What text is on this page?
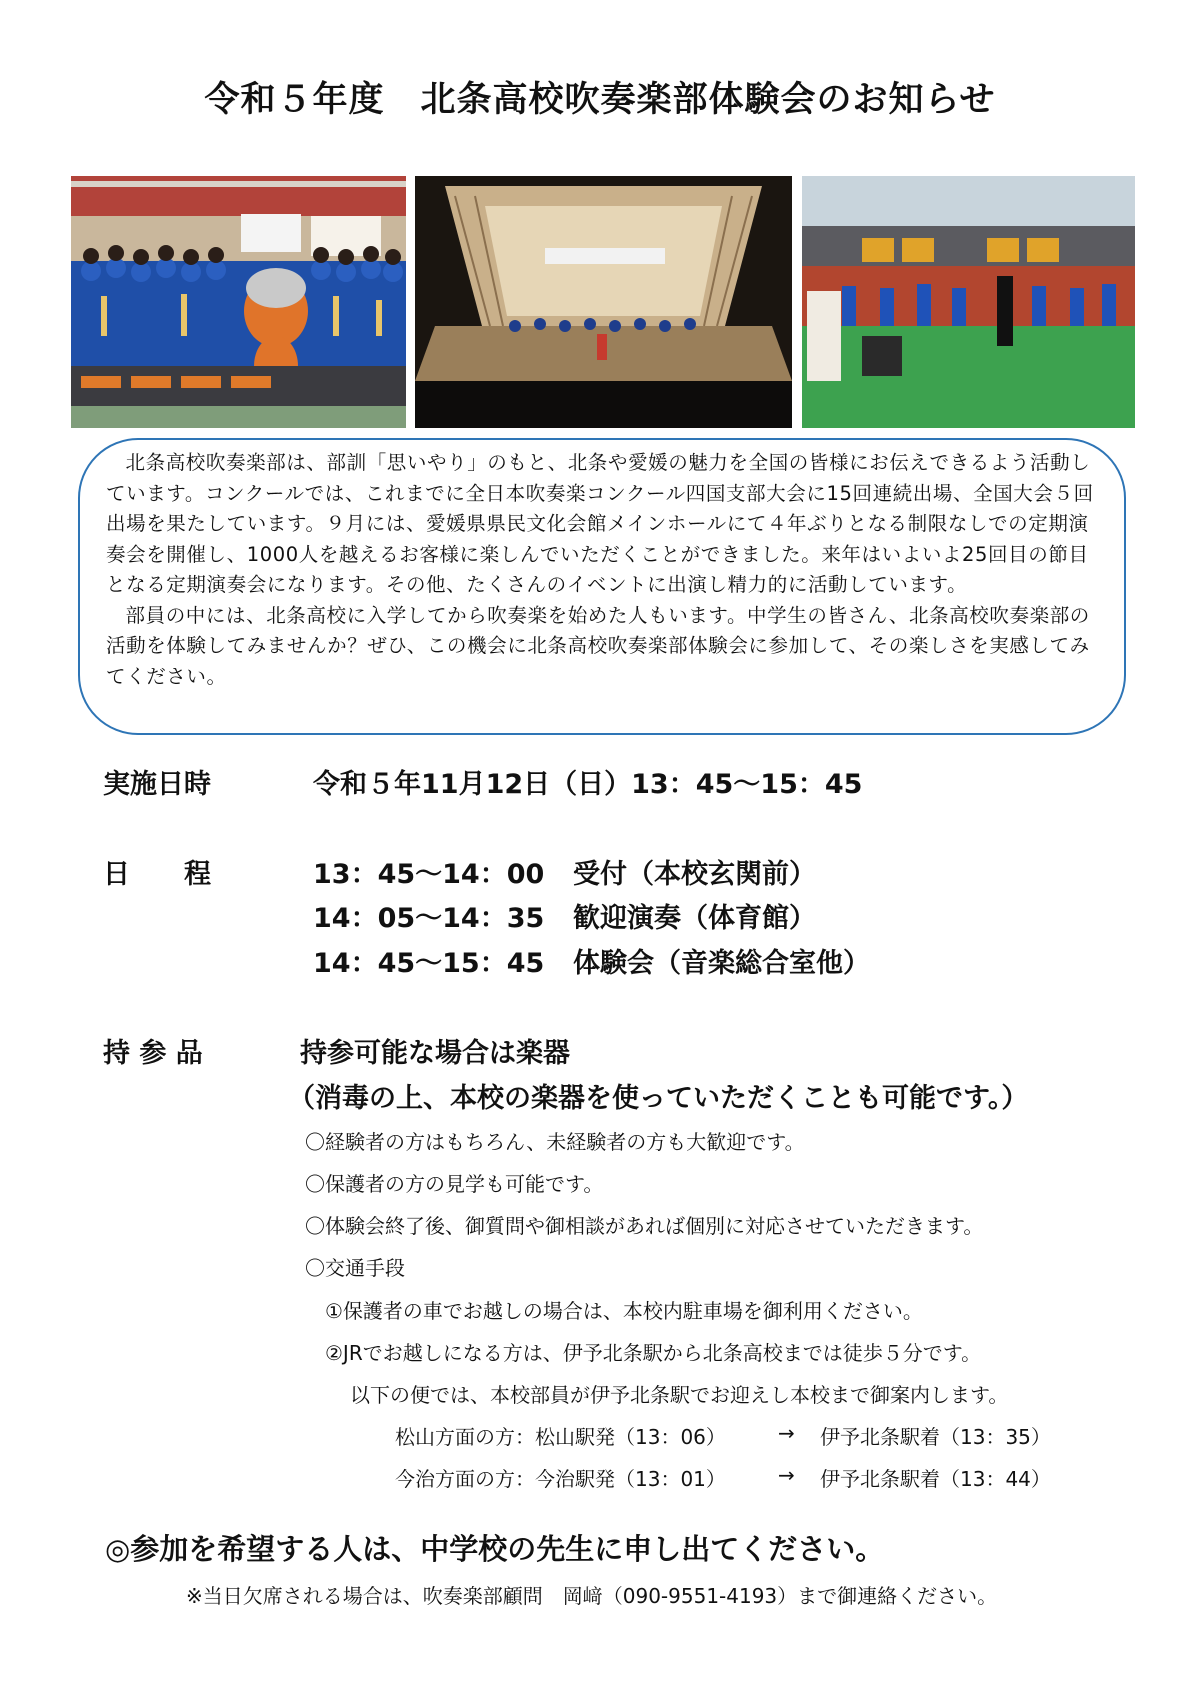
令和５年度　北条高校吹奏楽部体験会のお知らせ

北条高校吹奏楽部は、部訓「思いやり」のもと、北条や愛媛の魅力を全国の皆様にお伝えできるよう活動しています。コンクールでは、これまでに全日本吹奏楽コンクール四国支部大会に15回連続出場、全国大会５回出場を果たしています。９月には、愛媛県県民文化会館メインホールにて４年ぶりとなる制限なしでの定期演奏会を開催し、1000人を越えるお客様に楽しんでいただくことができました。来年はいよいよ25回目の節目となる定期演奏会になります。その他、たくさんのイベントに出演し精力的に活動しています。

部員の中には、北条高校に入学してから吹奏楽を始めた人もいます。中学生の皆さん、北条高校吹奏楽部の活動を体験してみませんか？ぜひ、この機会に北条高校吹奏楽部体験会に参加して、その楽しさを実感してみてください。

実施日時	令和５年11月12日（日）13：45～15：45
日　　程	13：45～14：00 受付（本校玄関前）
14：05～14：35 歓迎演奏（体育館）
14：45～15：45 体験会（音楽総合室他）
持 参 品	持参可能な場合は楽器
（消毒の上、本校の楽器を使っていただくことも可能です。）
〇経験者の方はもちろん、未経験者の方も大歓迎です。
〇保護者の方の見学も可能です。
〇体験会終了後、御質問や御相談があれば個別に対応させていただきます。
〇交通手段
①保護者の車でお越しの場合は、本校内駐車場を御利用ください。
②JRでお越しになる方は、伊予北条駅から北条高校までは徒歩５分です。
以下の便では、本校部員が伊予北条駅でお迎えし本校まで御案内します。
松山方面の方：松山駅発（13：06）	→ 伊予北条駅着（13：35）
今治方面の方：今治駅発（13：01）	→ 伊予北条駅着（13：44）
◎参加を希望する人は、中学校の先生に申し出てください。
※当日欠席される場合は、吹奏楽部顧問　岡﨑（090-9551-4193）まで御連絡ください。
